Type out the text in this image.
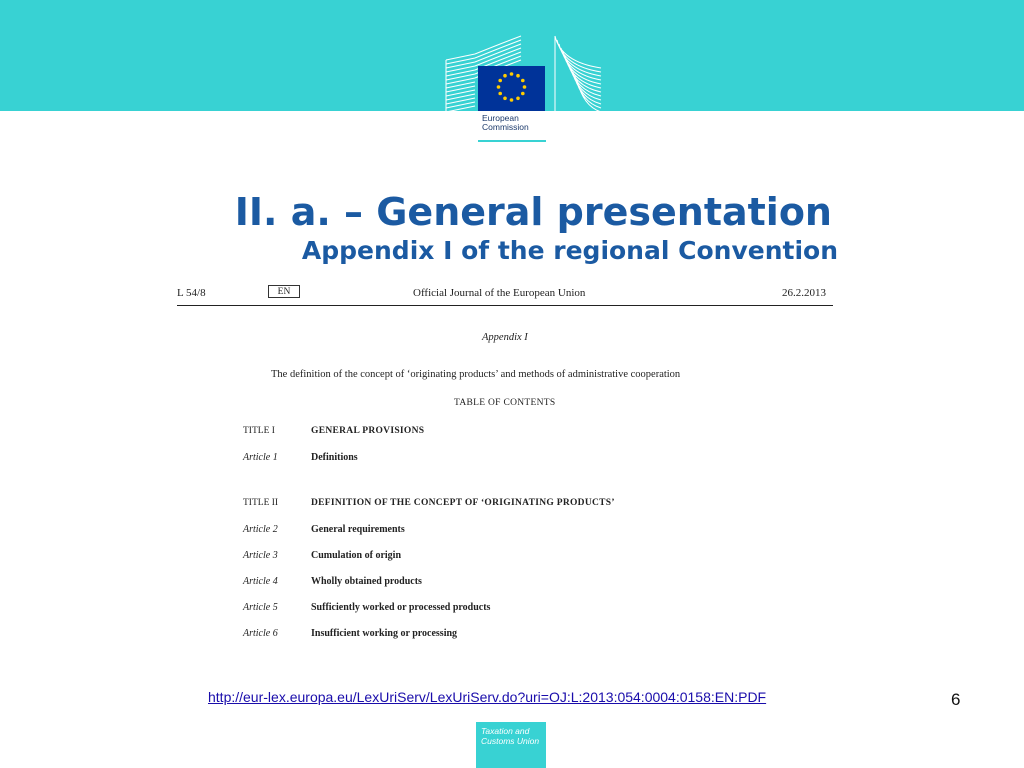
European
Commission
II. a. – General presentation
Appendix I of the regional Convention
L 54/8	EN	Official Journal of the European Union	26.2.2013
Appendix I
The definition of the concept of ‘originating products’ and methods of administrative cooperation
TABLE OF CONTENTS
TITLE I	GENERAL PROVISIONS
Article 1	Definitions
TITLE II	DEFINITION OF THE CONCEPT OF ‘ORIGINATING PRODUCTS’
Article 2	General requirements
Article 3	Cumulation of origin
Article 4	Wholly obtained products
Article 5	Sufficiently worked or processed products
Article 6	Insufficient working or processing
http://eur-lex.europa.eu/LexUriServ/LexUriServ.do?uri=OJ:L:2013:054:0004:0158:EN:PDF	6
Taxation and
Customs Union
